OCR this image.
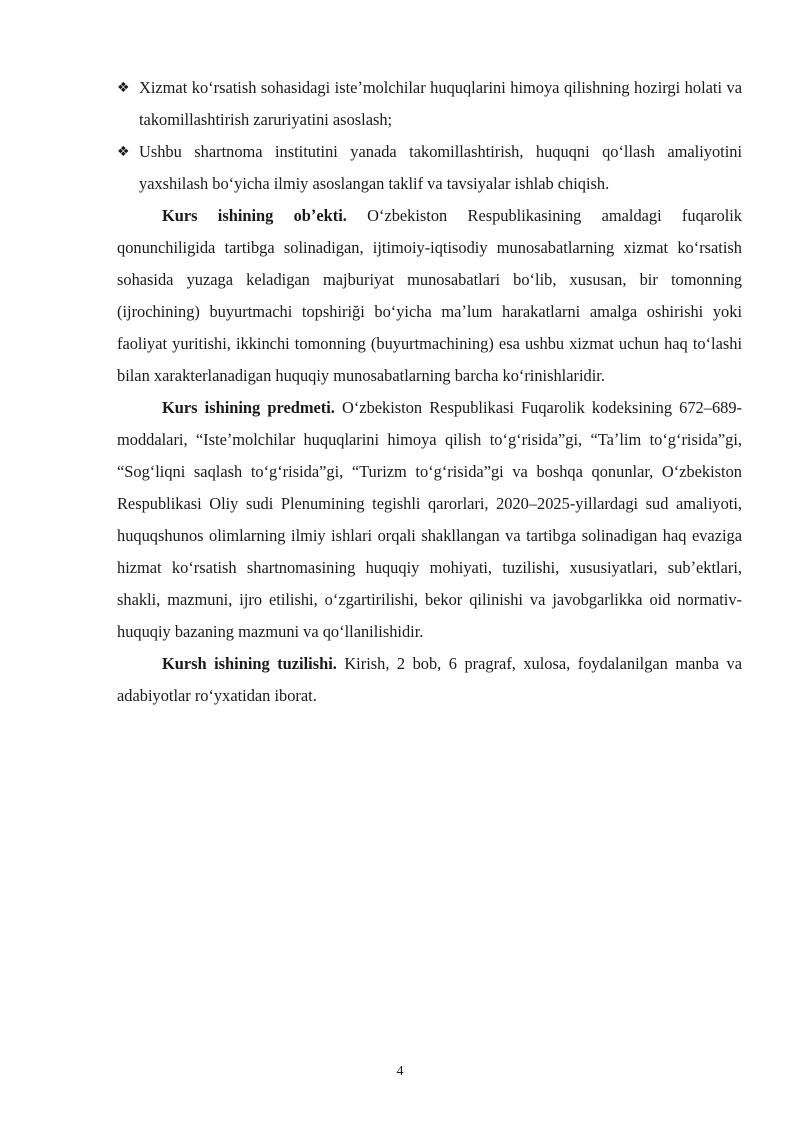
❖ Xizmat koʻrsatish sohasidagi isteʼmolchilar huquqlarini himoya qilishning hozirgi holati va takomillashtirish zaruriyatini asoslash;

❖ Ushbu shartnoma institutini yanada takomillashtirish, huquqni qoʻllash amaliyotini yaxshilash boʻyicha ilmiy asoslangan taklif va tavsiyalar ishlab chiqish.

Kurs ishining obʼekti. Oʻzbekiston Respublikasining amaldagi fuqarolik qonunchiligida tartibga solinadigan, ijtimoiy-iqtisodiy munosabatlarning xizmat koʻrsatish sohasida yuzaga keladigan majburiyat munosabatlari boʻlib, xususan, bir tomonning (ijrochining) buyurtmachi topshiriği boʻyicha maʼlum harakatlarni amalga oshirishi yoki faoliyat yuritishi, ikkinchi tomonning (buyurtmachining) esa ushbu xizmat uchun haq toʻlashi bilan xarakterlanadigan huquqiy munosabatlarning barcha koʻrinishlaridir.

Kurs ishining predmeti. Oʻzbekiston Respublikasi Fuqarolik kodeksining 672–689-moddalari, “Isteʼmolchilar huquqlarini himoya qilish toʻgʻrisida”gi, “Taʼlim toʻgʻrisida”gi, “Sogʻliqni saqlash toʻgʻrisida”gi, “Turizm toʻgʻrisida”gi va boshqa qonunlar, Oʻzbekiston Respublikasi Oliy sudi Plenumining tegishli qarorlari, 2020–2025-yillardagi sud amaliyoti, huquqshunos olimlarning ilmiy ishlari orqali shakllangan va tartibga solinadigan haq evaziga hizmat koʻrsatish shartnomasining huquqiy mohiyati, tuzilishi, xususiyatlari, subʼektlari, shakli, mazmuni, ijro etilishi, oʻzgartirilishi, bekor qilinishi va javobgarlikka oid normativ-huquqiy bazaning mazmuni va qoʻllanilishidir.

Kursh ishining tuzilishi. Kirish, 2 bob, 6 pragraf, xulosa, foydalanilgan manba va adabiyotlar roʻyxatidan iborat.

4
